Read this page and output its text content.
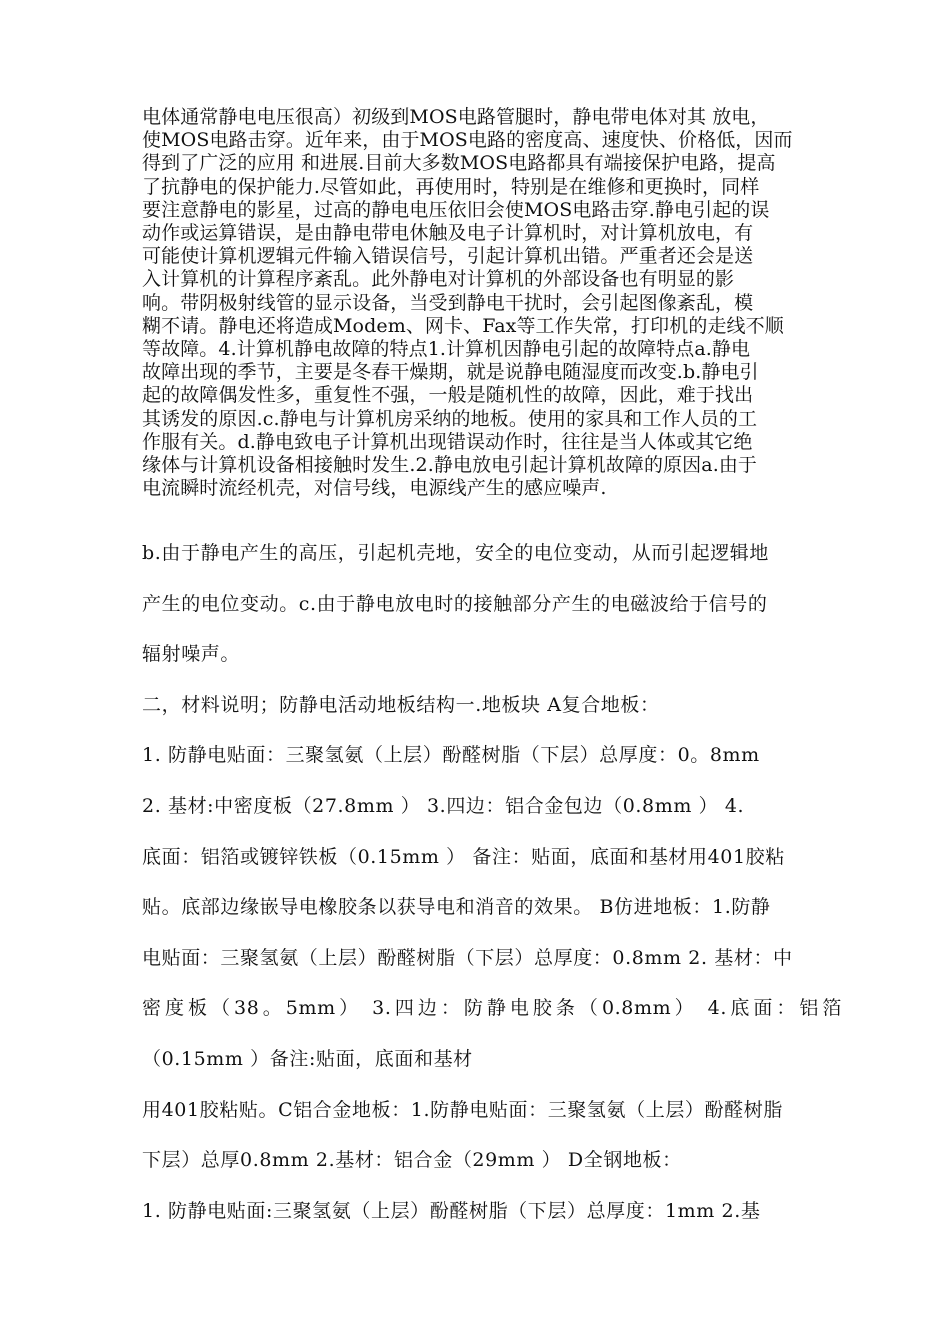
电体通常静电电压很高）初级到MOS电路管腿时，静电带电体对其 放电，
使MOS电路击穿。近年来，由于MOS电路的密度高、速度快、价格低，因而
得到了广泛的应用 和进展.目前大多数MOS电路都具有端接保护电路，提高
了抗静电的保护能力.尽管如此，再使用时，特别是在维修和更换时，同样
要注意静电的影星，过高的静电电压依旧会使MOS电路击穿.静电引起的误
动作或运算错误，是由静电带电休触及电子计算机时，对计算机放电，有
可能使计算机逻辑元件输入错误信号，引起计算机出错。严重者还会是送
入计算机的计算程序紊乱。此外静电对计算机的外部设备也有明显的影
响。带阴极射线管的显示设备，当受到静电干扰时，会引起图像紊乱，模
糊不请。静电还将造成Modem、网卡、Fax等工作失常，打印机的走线不顺
等故障。4.计算机静电故障的特点1.计算机因静电引起的故障特点a.静电
故障出现的季节，主要是冬春干燥期，就是说静电随湿度而改变.b.静电引
起的故障偶发性多，重复性不强，一般是随机性的故障，因此，难于找出
其诱发的原因.c.静电与计算机房采纳的地板。使用的家具和工作人员的工
作服有关。d.静电致电子计算机出现错误动作时，往往是当人体或其它绝
缘体与计算机设备相接触时发生.2.静电放电引起计算机故障的原因a.由于
电流瞬时流经机壳，对信号线，电源线产生的感应噪声.
b.由于静电产生的高压，引起机壳地，安全的电位变动，从而引起逻辑地
产生的电位变动。c.由于静电放电时的接触部分产生的电磁波给于信号的
辐射噪声。
二，材料说明；防静电活动地板结构一.地板块 A复合地板：
1. 防静电贴面：三聚氢氨（上层）酚醛树脂（下层）总厚度：0。8mm
2. 基材:中密度板（27.8mm ） 3.四边：铝合金包边（0.8mm ） 4.
底面：铝箔或镀锌铁板（0.15mm ） 备注：贴面，底面和基材用401胶粘
贴。底部边缘嵌导电橡胶条以获导电和消音的效果。 B仿进地板：1.防静
电贴面：三聚氢氨（上层）酚醛树脂（下层）总厚度：0.8mm 2. 基材：中
密度板（38。5mm） 3.四边：防静电胶条（0.8mm） 4.底面：铝箔
（0.15mm ）备注:贴面，底面和基材
用401胶粘贴。C铝合金地板：1.防静电贴面：三聚氢氨（上层）酚醛树脂
下层）总厚0.8mm 2.基材：铝合金（29mm ） D全钢地板：
1. 防静电贴面:三聚氢氨（上层）酚醛树脂（下层）总厚度：1mm 2.基
